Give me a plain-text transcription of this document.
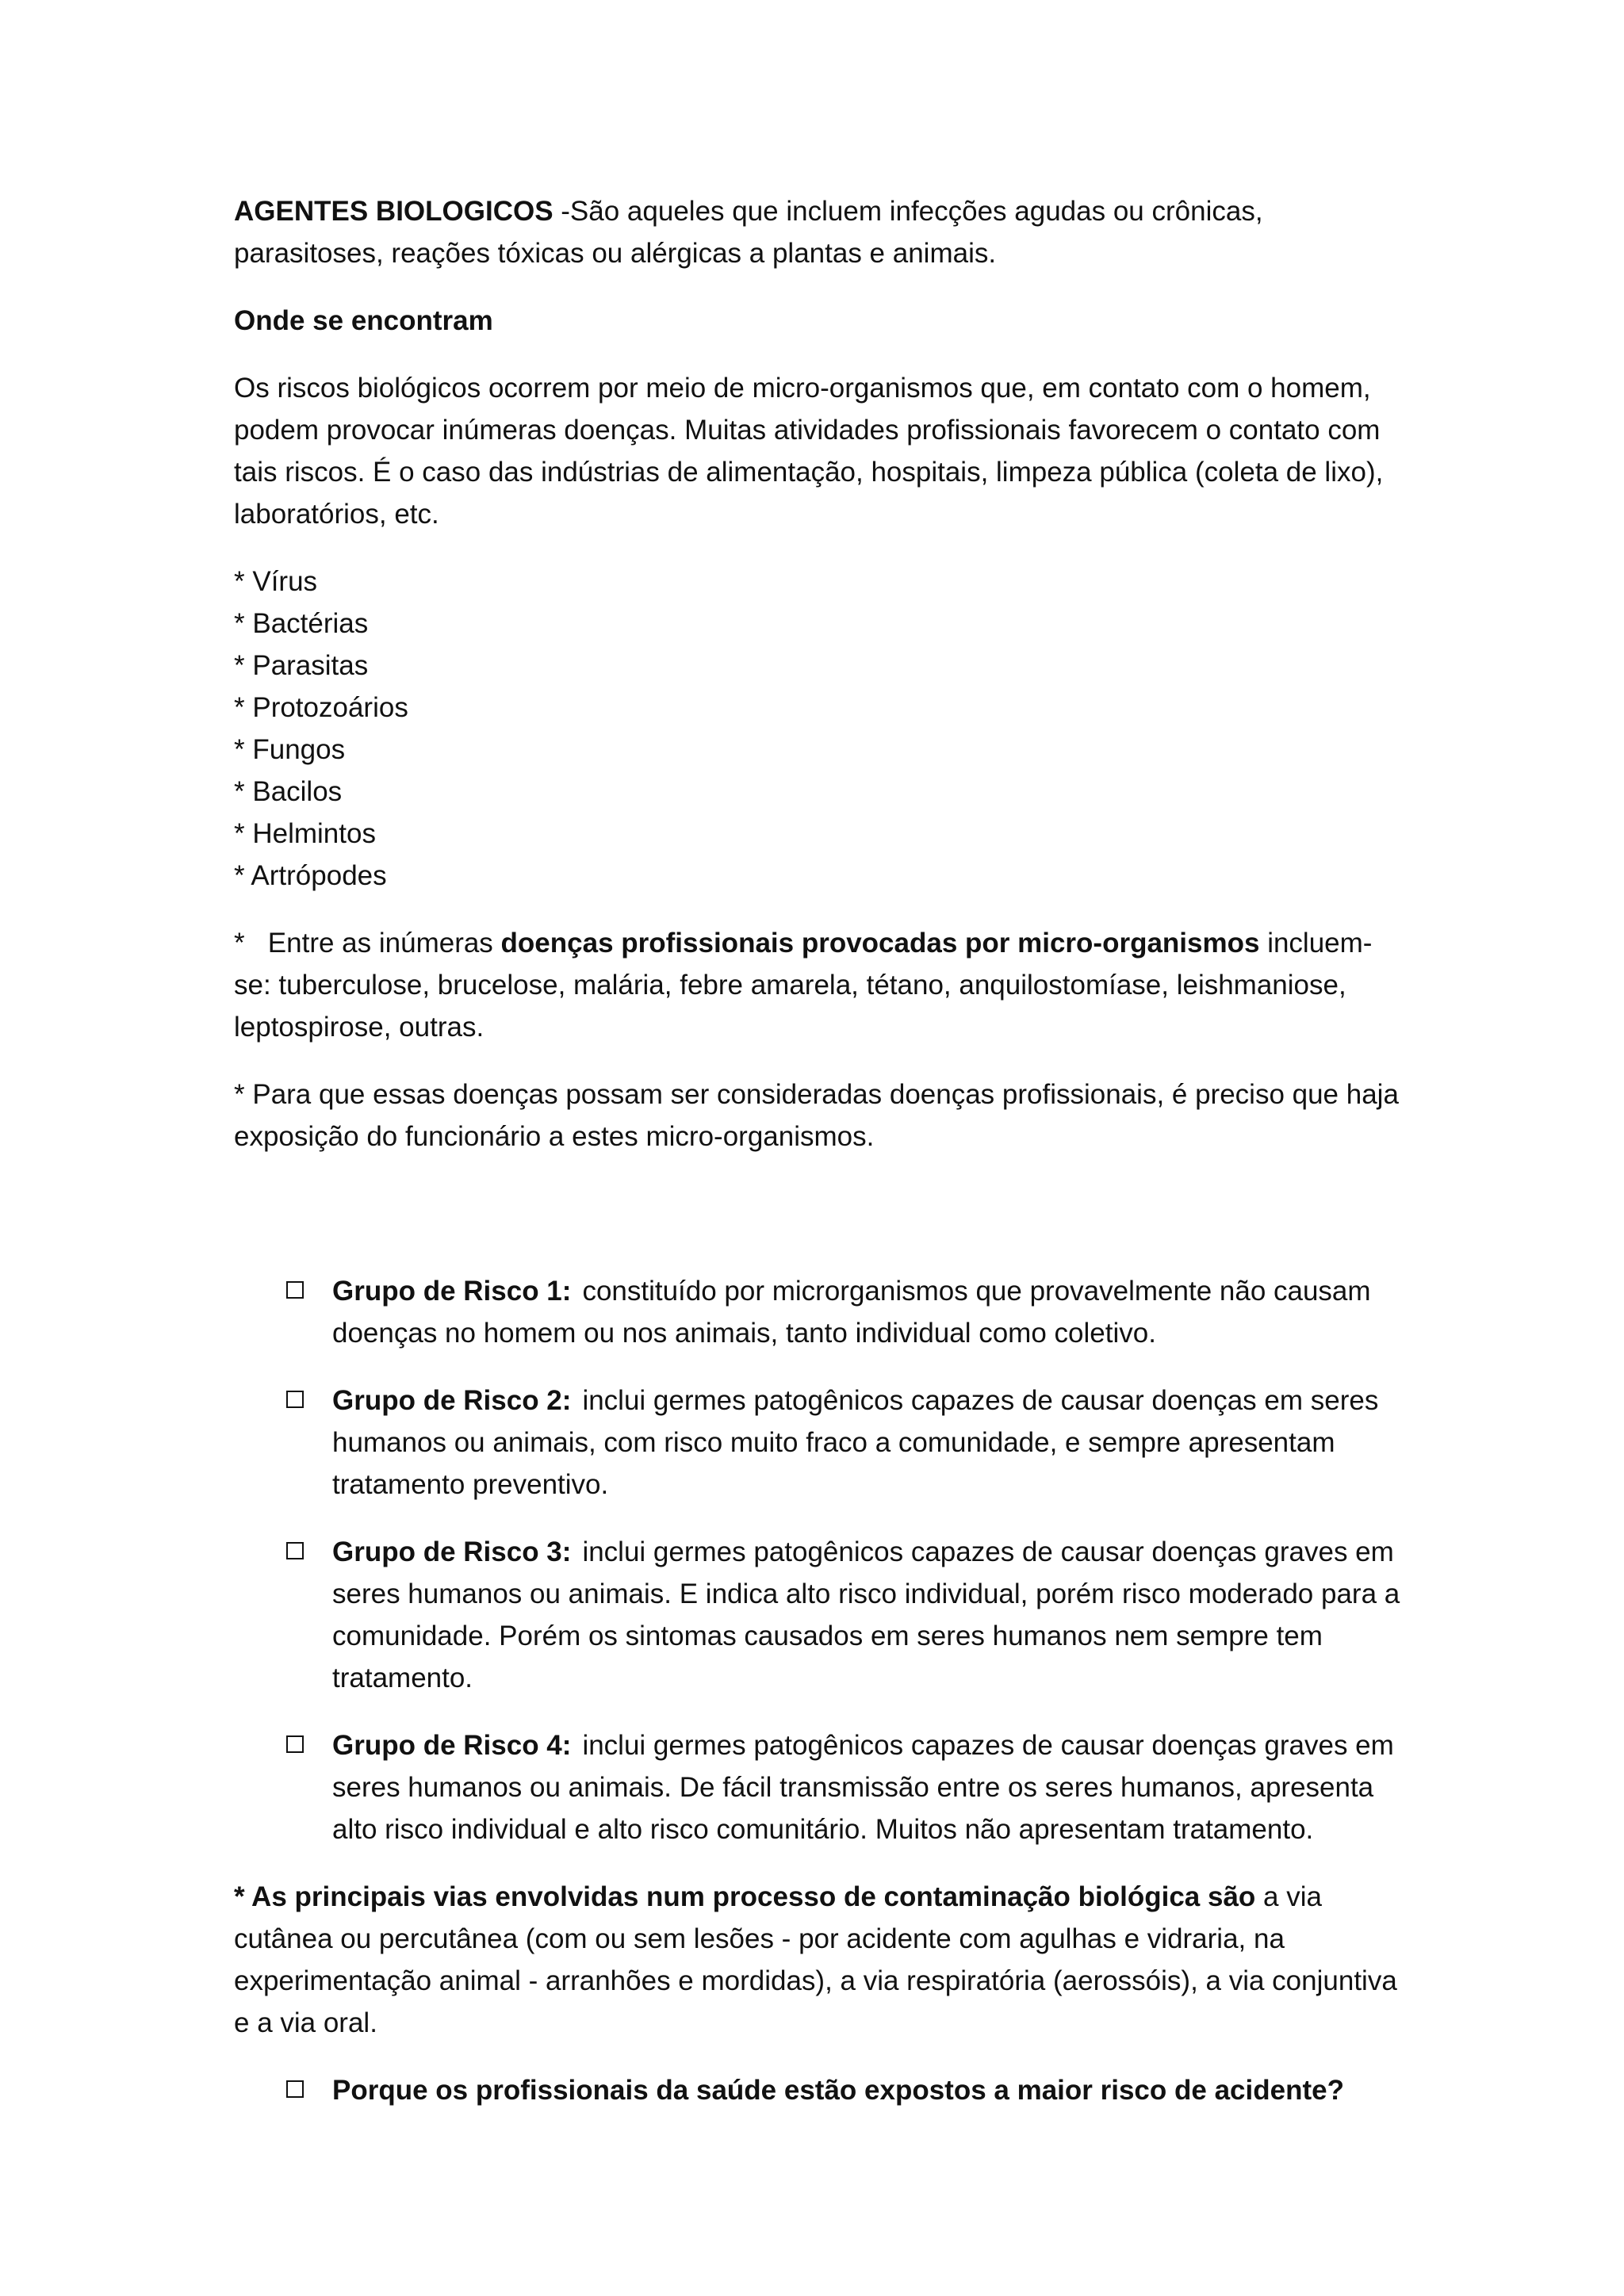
AGENTES BIOLOGICOS -São aqueles que incluem infecções agudas ou crônicas, parasitoses, reações tóxicas ou alérgicas a plantas e animais.

Onde se encontram

Os riscos biológicos ocorrem por meio de micro-organismos que, em contato com o homem, podem provocar inúmeras doenças. Muitas atividades profissionais favorecem o contato com tais riscos. É o caso das indústrias de alimentação, hospitais, limpeza pública (coleta de lixo), laboratórios, etc.

* Vírus
* Bactérias
* Parasitas
* Protozoários
* Fungos
* Bacilos
* Helmintos
* Artrópodes

*   Entre as inúmeras doenças profissionais provocadas por micro-organismos incluem-se: tuberculose, brucelose, malária, febre amarela, tétano, anquilostomíase, leishmaniose, leptospirose, outras.

* Para que essas doenças possam ser consideradas doenças profissionais, é preciso que haja exposição do funcionário a estes micro-organismos.

Grupo de Risco 1: constituído por microrganismos que provavelmente não causam doenças no homem ou nos animais, tanto individual como coletivo.
Grupo de Risco 2: inclui germes patogênicos capazes de causar doenças em seres humanos ou animais, com risco muito fraco a comunidade, e sempre apresentam tratamento preventivo.
Grupo de Risco 3: inclui germes patogênicos capazes de causar doenças graves em seres humanos ou animais. E indica alto risco individual, porém risco moderado para a comunidade. Porém os sintomas causados em seres humanos nem sempre tem tratamento.
Grupo de Risco 4: inclui germes patogênicos capazes de causar doenças graves em seres humanos ou animais. De fácil transmissão entre os seres humanos, apresenta alto risco individual e alto risco comunitário. Muitos não apresentam tratamento.

* As principais vias envolvidas num processo de contaminação biológica são a via cutânea ou percutânea (com ou sem lesões - por acidente com agulhas e vidraria, na experimentação animal - arranhões e mordidas), a via respiratória (aerossóis), a via conjuntiva e a via oral.

Porque os profissionais da saúde estão expostos a maior risco de acidente?
